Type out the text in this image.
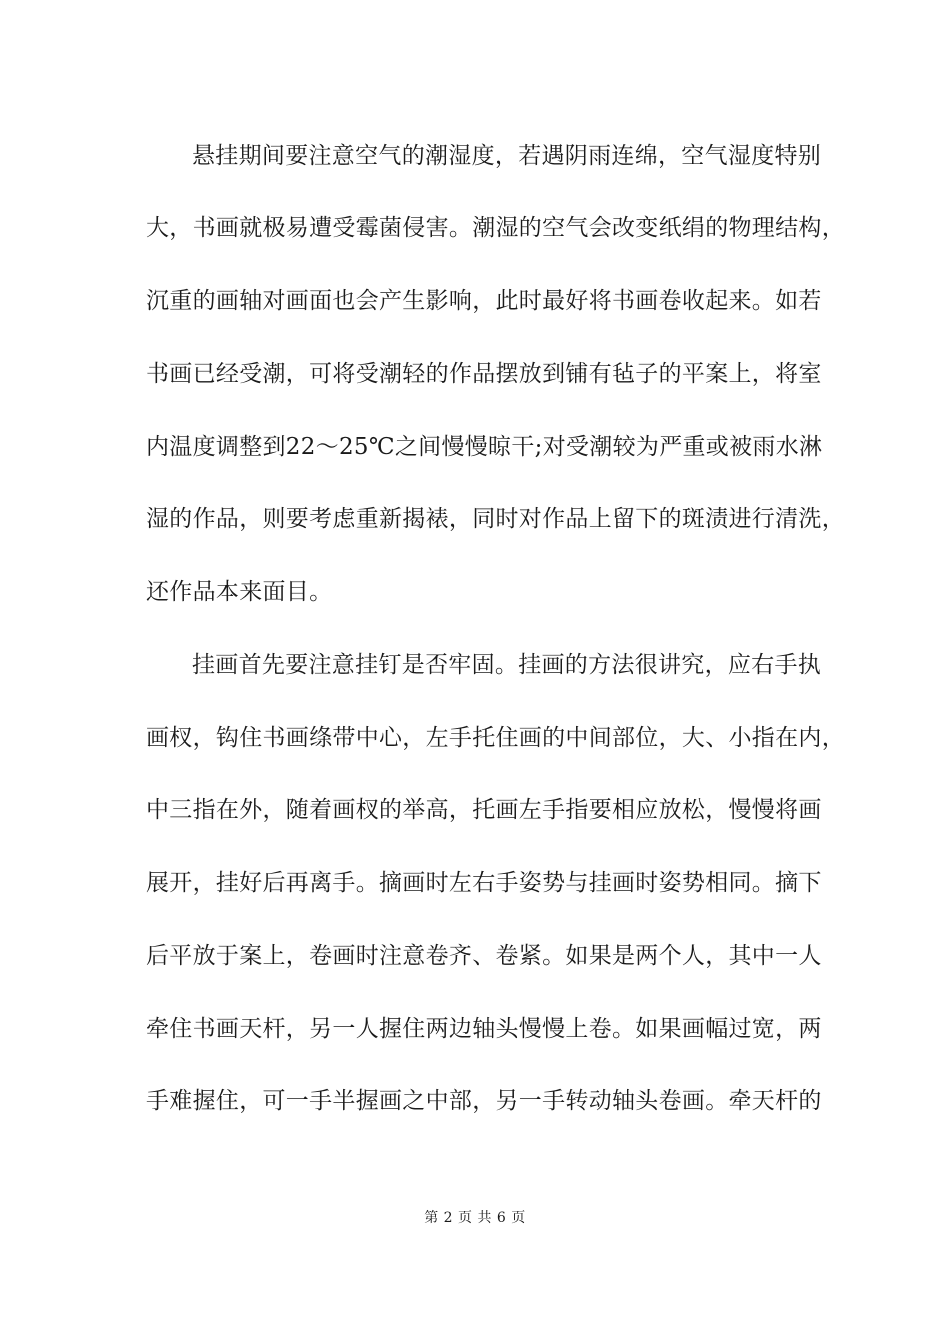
悬挂期间要注意空气的潮湿度，若遇阴雨连绵，空气湿度特别
大，书画就极易遭受霉菌侵害。潮湿的空气会改变纸绢的物理结构，
沉重的画轴对画面也会产生影响，此时最好将书画卷收起来。如若
书画已经受潮，可将受潮轻的作品摆放到铺有毡子的平案上，将室
内温度调整到22～25℃之间慢慢晾干;对受潮较为严重或被雨水淋
湿的作品，则要考虑重新揭裱，同时对作品上留下的斑渍进行清洗，
还作品本来面目。
挂画首先要注意挂钉是否牢固。挂画的方法很讲究，应右手执
画杈，钩住书画绦带中心，左手托住画的中间部位，大、小指在内，
中三指在外，随着画杈的举高，托画左手指要相应放松，慢慢将画
展开，挂好后再离手。摘画时左右手姿势与挂画时姿势相同。摘下
后平放于案上，卷画时注意卷齐、卷紧。如果是两个人，其中一人
牵住书画天杆，另一人握住两边轴头慢慢上卷。如果画幅过宽，两
手难握住，可一手半握画之中部，另一手转动轴头卷画。牵天杆的
第 2 页 共 6 页
